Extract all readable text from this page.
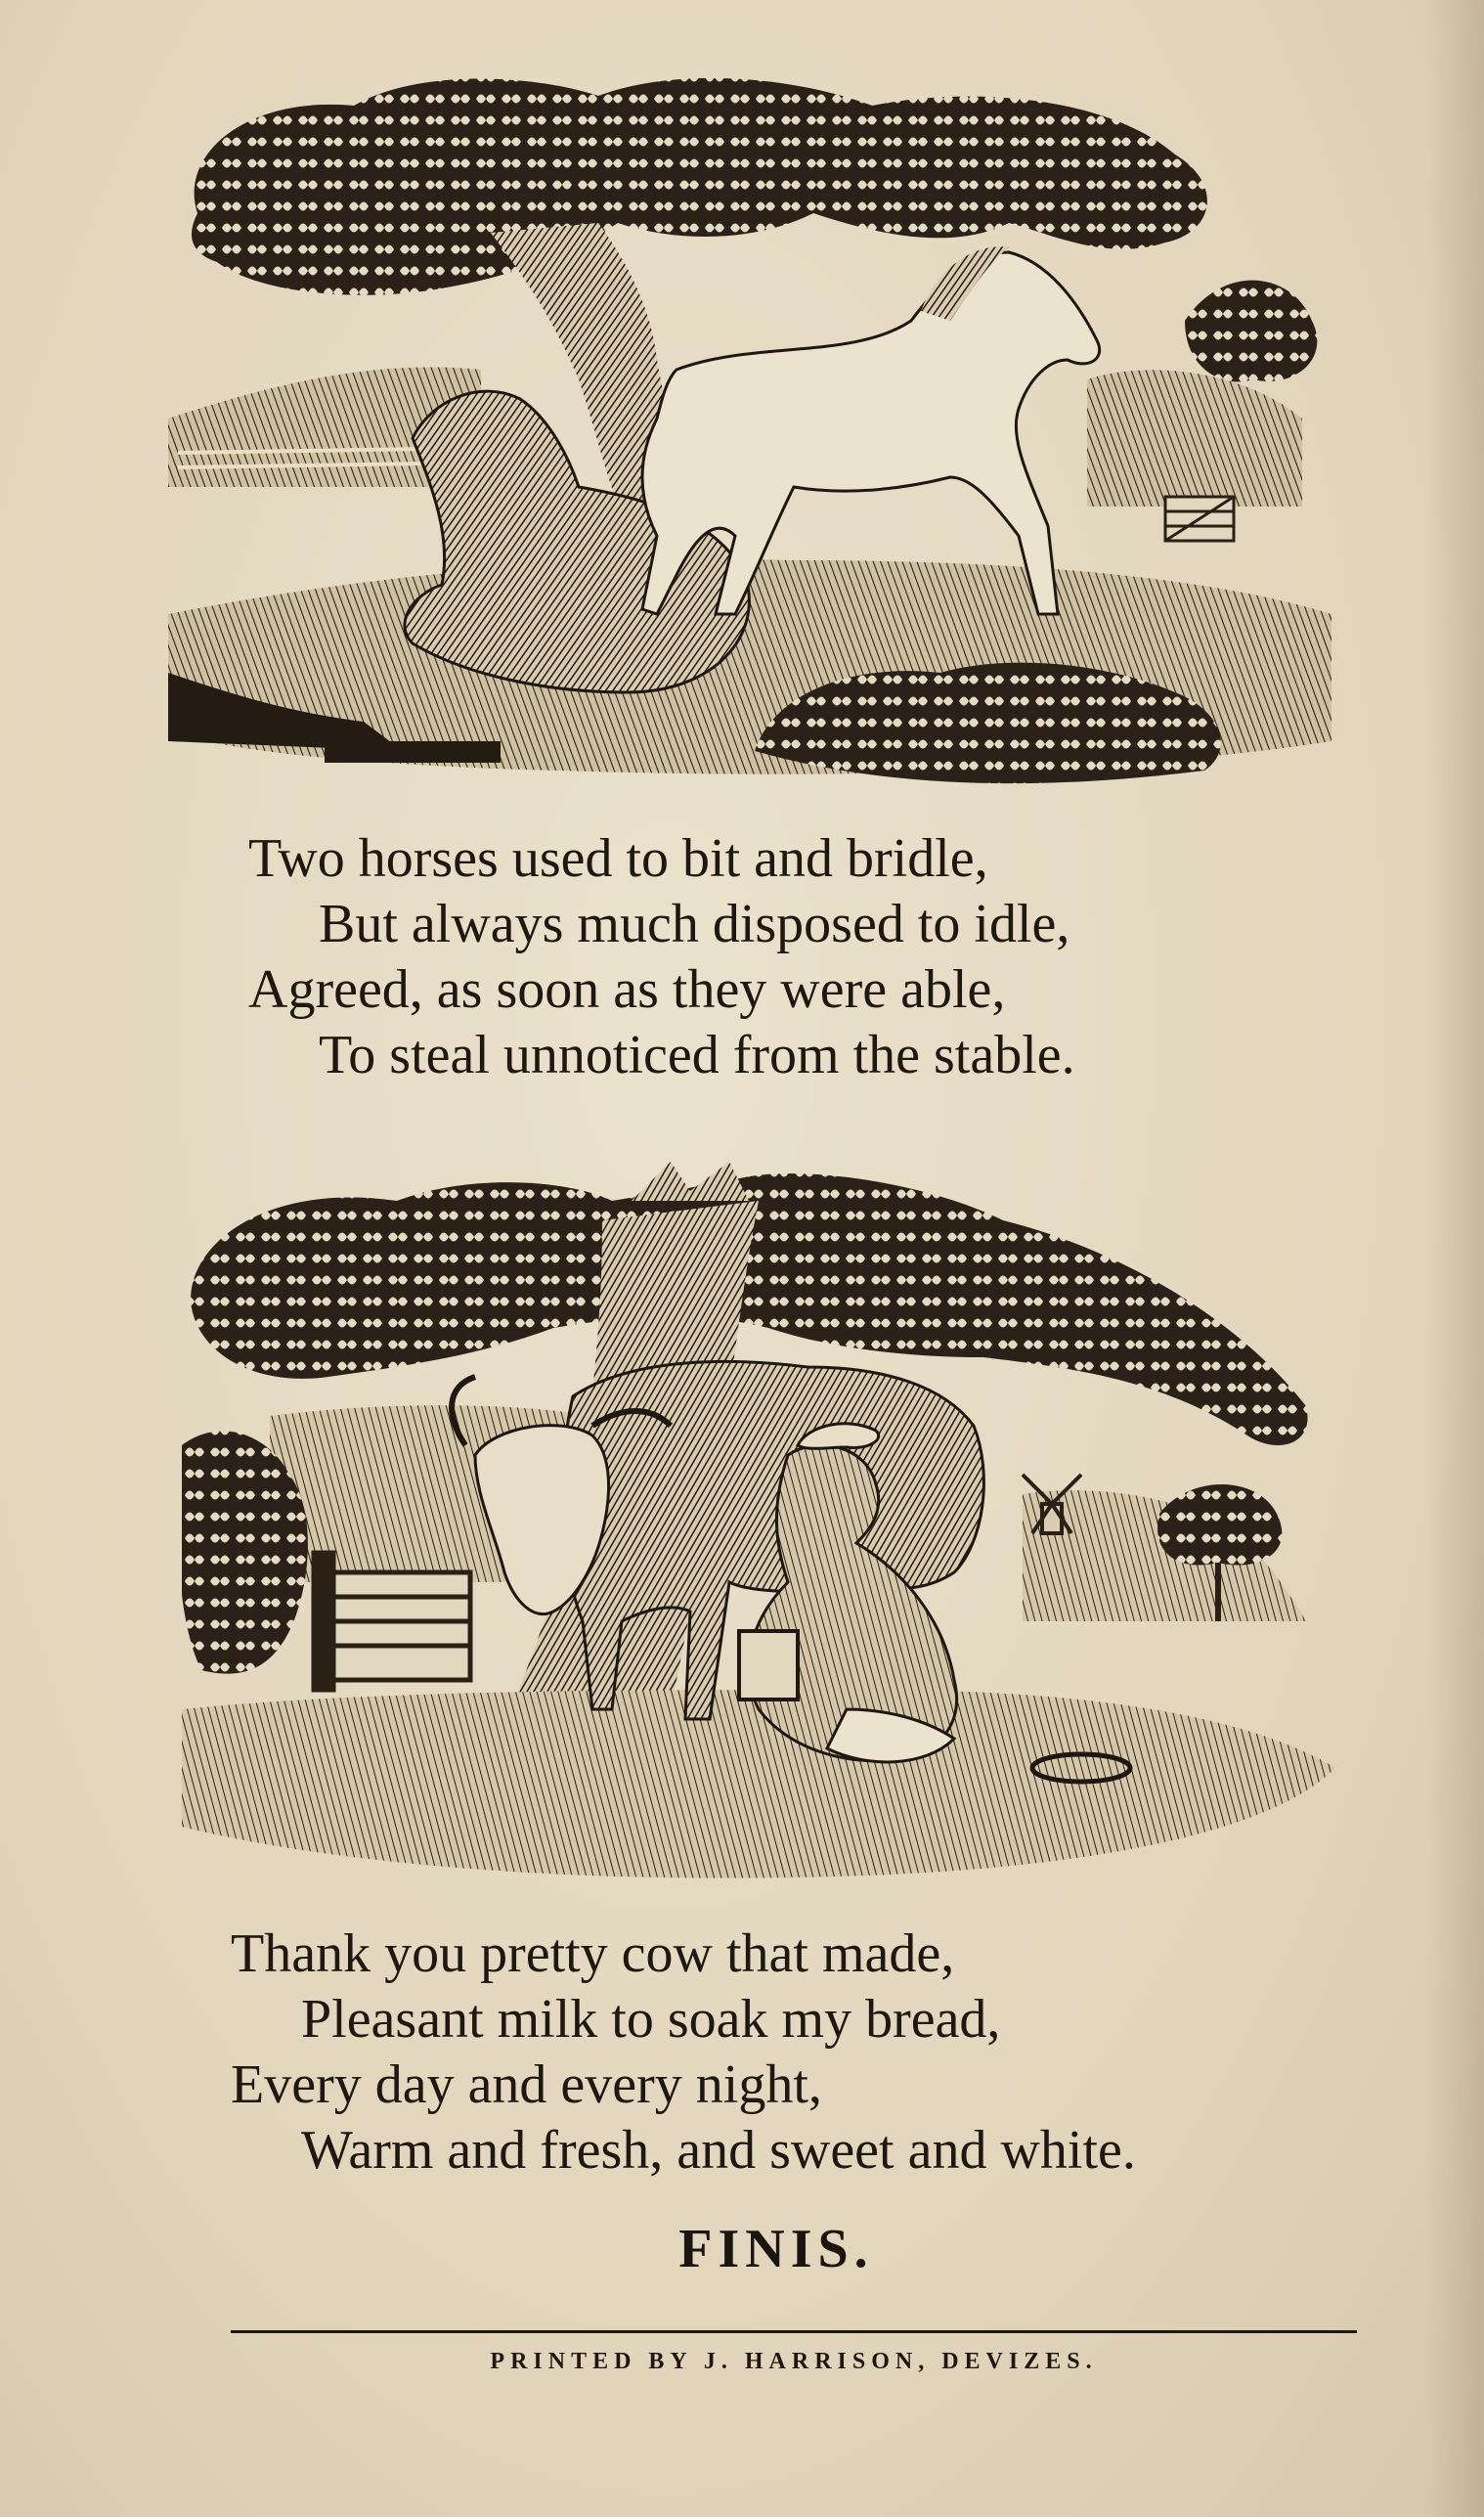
Two horses used to bit and bridle,
But always much disposed to idle,
Agreed, as soon as they were able,
To steal unnoticed from the stable.
Thank you pretty cow that made,
Pleasant milk to soak my bread,
Every day and every night,
Warm and fresh, and sweet and white.
FINIS.
PRINTED BY J. HARRISON, DEVIZES.
